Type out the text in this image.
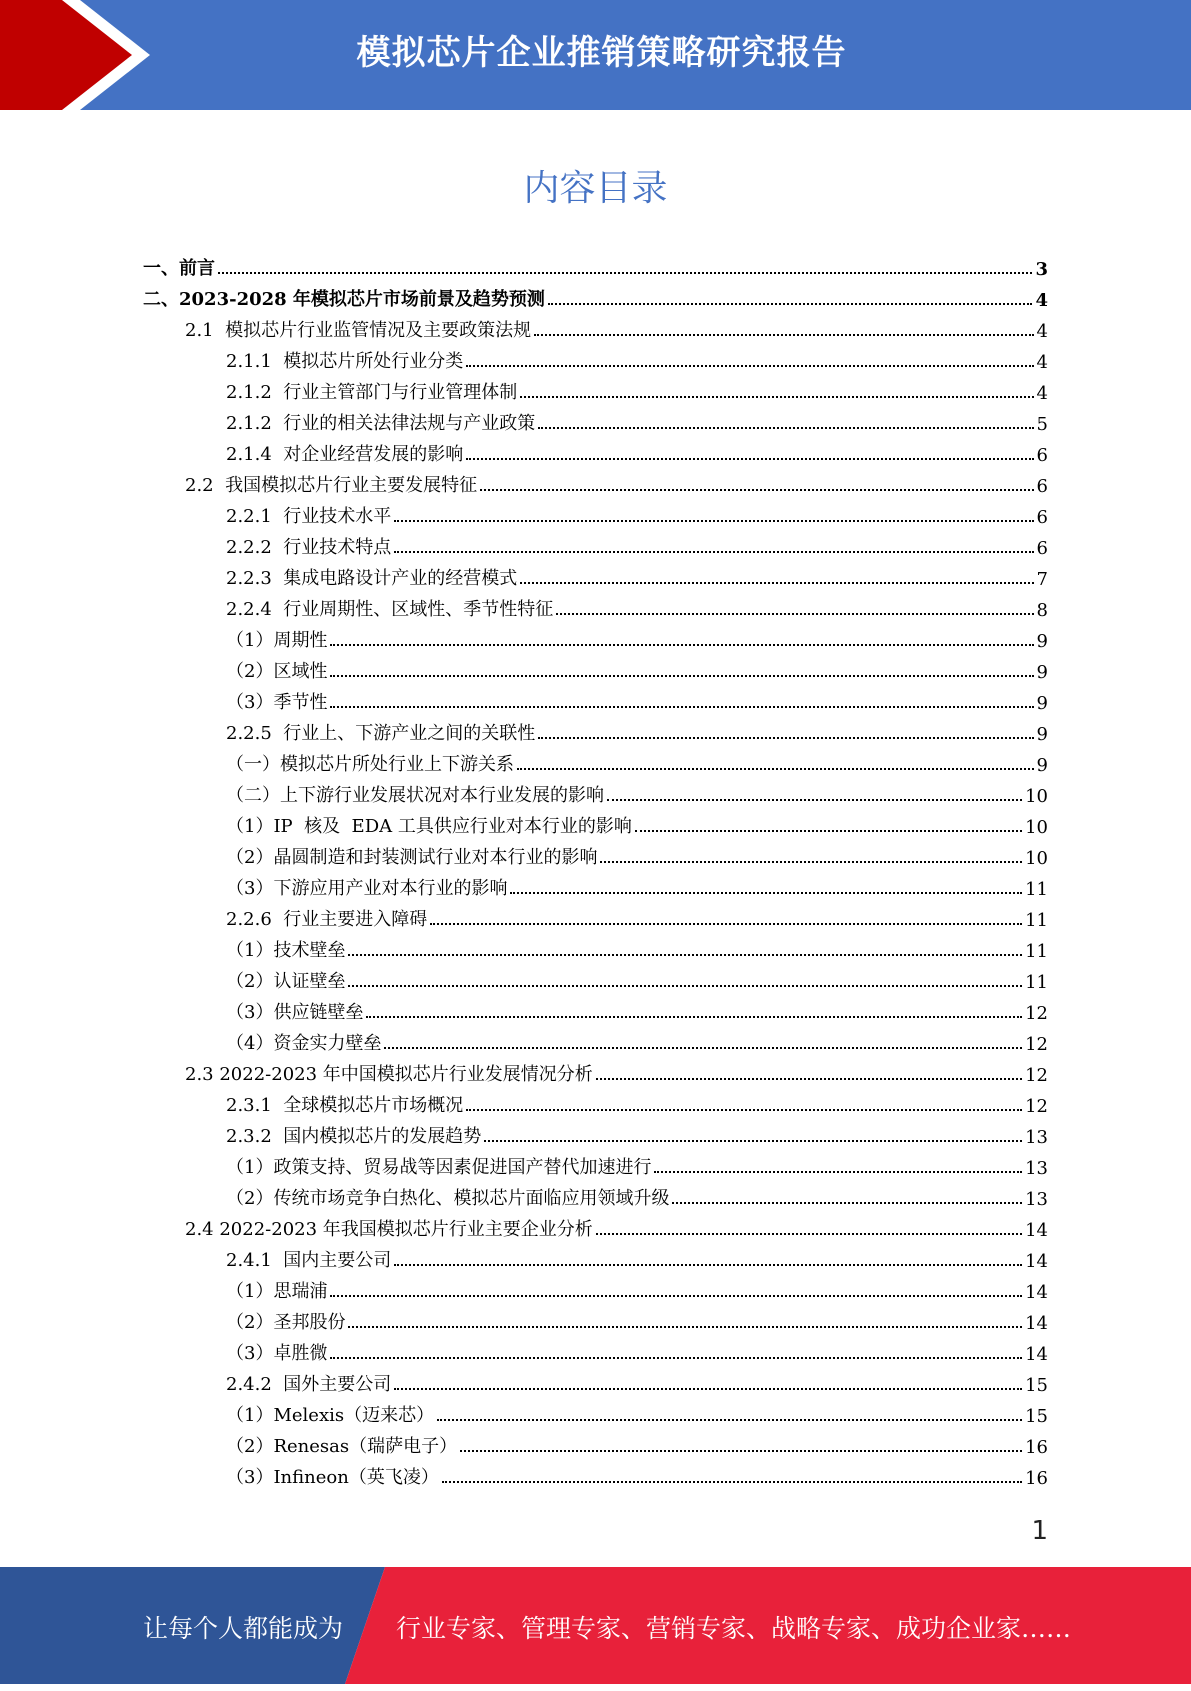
模拟芯片企业推销策略研究报告
内容目录
一、前言	3
二、2023-2028 年模拟芯片市场前景及趋势预测	4
2.1  模拟芯片行业监管情况及主要政策法规	4
2.1.1  模拟芯片所处行业分类	4
2.1.2  行业主管部门与行业管理体制	4
2.1.2  行业的相关法律法规与产业政策	5
2.1.4  对企业经营发展的影响	6
2.2  我国模拟芯片行业主要发展特征	6
2.2.1  行业技术水平	6
2.2.2  行业技术特点	6
2.2.3  集成电路设计产业的经营模式	7
2.2.4  行业周期性、区域性、季节性特征	8
（1）周期性	9
（2）区域性	9
（3）季节性	9
2.2.5  行业上、下游产业之间的关联性	9
（一）模拟芯片所处行业上下游关系	9
（二）上下游行业发展状况对本行业发展的影响	10
（1）IP  核及  EDA 工具供应行业对本行业的影响	10
（2）晶圆制造和封装测试行业对本行业的影响	10
（3）下游应用产业对本行业的影响	11
2.2.6  行业主要进入障碍	11
（1）技术壁垒	11
（2）认证壁垒	11
（3）供应链壁垒	12
（4）资金实力壁垒	12
2.3 2022-2023 年中国模拟芯片行业发展情况分析	12
2.3.1  全球模拟芯片市场概况	12
2.3.2  国内模拟芯片的发展趋势	13
（1）政策支持、贸易战等因素促进国产替代加速进行	13
（2）传统市场竞争白热化、模拟芯片面临应用领域升级	13
2.4 2022-2023 年我国模拟芯片行业主要企业分析	14
2.4.1  国内主要公司	14
（1）思瑞浦	14
（2）圣邦股份	14
（3）卓胜微	14
2.4.2  国外主要公司	15
（1）Melexis（迈来芯）	15
（2）Renesas（瑞萨电子）	16
（3）Infineon（英飞凌）	16
1
让每个人都能成为 行业专家、管理专家、营销专家、战略专家、成功企业家……
